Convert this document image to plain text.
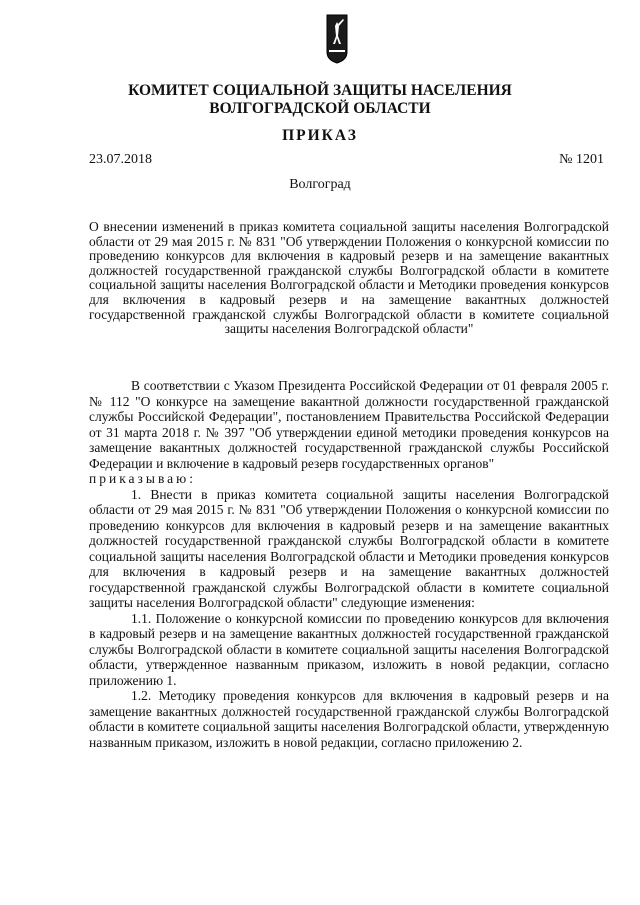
КОМИТЕТ СОЦИАЛЬНОЙ ЗАЩИТЫ НАСЕЛЕНИЯ
ВОЛГОГРАДСКОЙ ОБЛАСТИ
ПРИКАЗ
23.07.2018	№ 1201
Волгоград
О внесении изменений в приказ комитета социальной защиты населения Волгоградской области от 29 мая 2015 г. № 831 "Об утверждении Положения о конкурсной комиссии по проведению конкурсов для включения в кадровый резерв и на замещение вакантных должностей государственной гражданской службы Волгоградской области в комитете социальной защиты населения Волгоградской области и Методики проведения конкурсов для включения в кадровый резерв и на замещение вакантных должностей государственной гражданской службы Волгоградской области в комитете социальной защиты населения Волгоградской области"

В соответствии с Указом Президента Российской Федерации от 01 февраля 2005 г. № 112 "О конкурсе на замещение вакантной должности государственной гражданской службы Российской Федерации", постановлением Правительства Российской Федерации от 31 марта 2018 г. № 397 "Об утверждении единой методики проведения конкурсов на замещение вакантных должностей государственной гражданской службы Российской Федерации и включение в кадровый резерв государственных органов"

приказываю:

1. Внести в приказ комитета социальной защиты населения Волгоградской области от 29 мая 2015 г. № 831 "Об утверждении Положения о конкурсной комиссии по проведению конкурсов для включения в кадровый резерв и на замещение вакантных должностей государственной гражданской службы Волгоградской области в комитете социальной защиты населения Волгоградской области и Методики проведения конкурсов для включения в кадровый резерв и на замещение вакантных должностей государственной гражданской службы Волгоградской области в комитете социальной защиты населения Волгоградской области" следующие изменения:

1.1. Положение о конкурсной комиссии по проведению конкурсов для включения в кадровый резерв и на замещение вакантных должностей государственной гражданской службы Волгоградской области в комитете социальной защиты населения Волгоградской области, утвержденное названным приказом, изложить в новой редакции, согласно приложению 1.

1.2. Методику проведения конкурсов для включения в кадровый резерв и на замещение вакантных должностей государственной гражданской службы Волгоградской области в комитете социальной защиты населения Волгоградской области, утвержденную названным приказом, изложить в новой редакции, согласно приложению 2.
